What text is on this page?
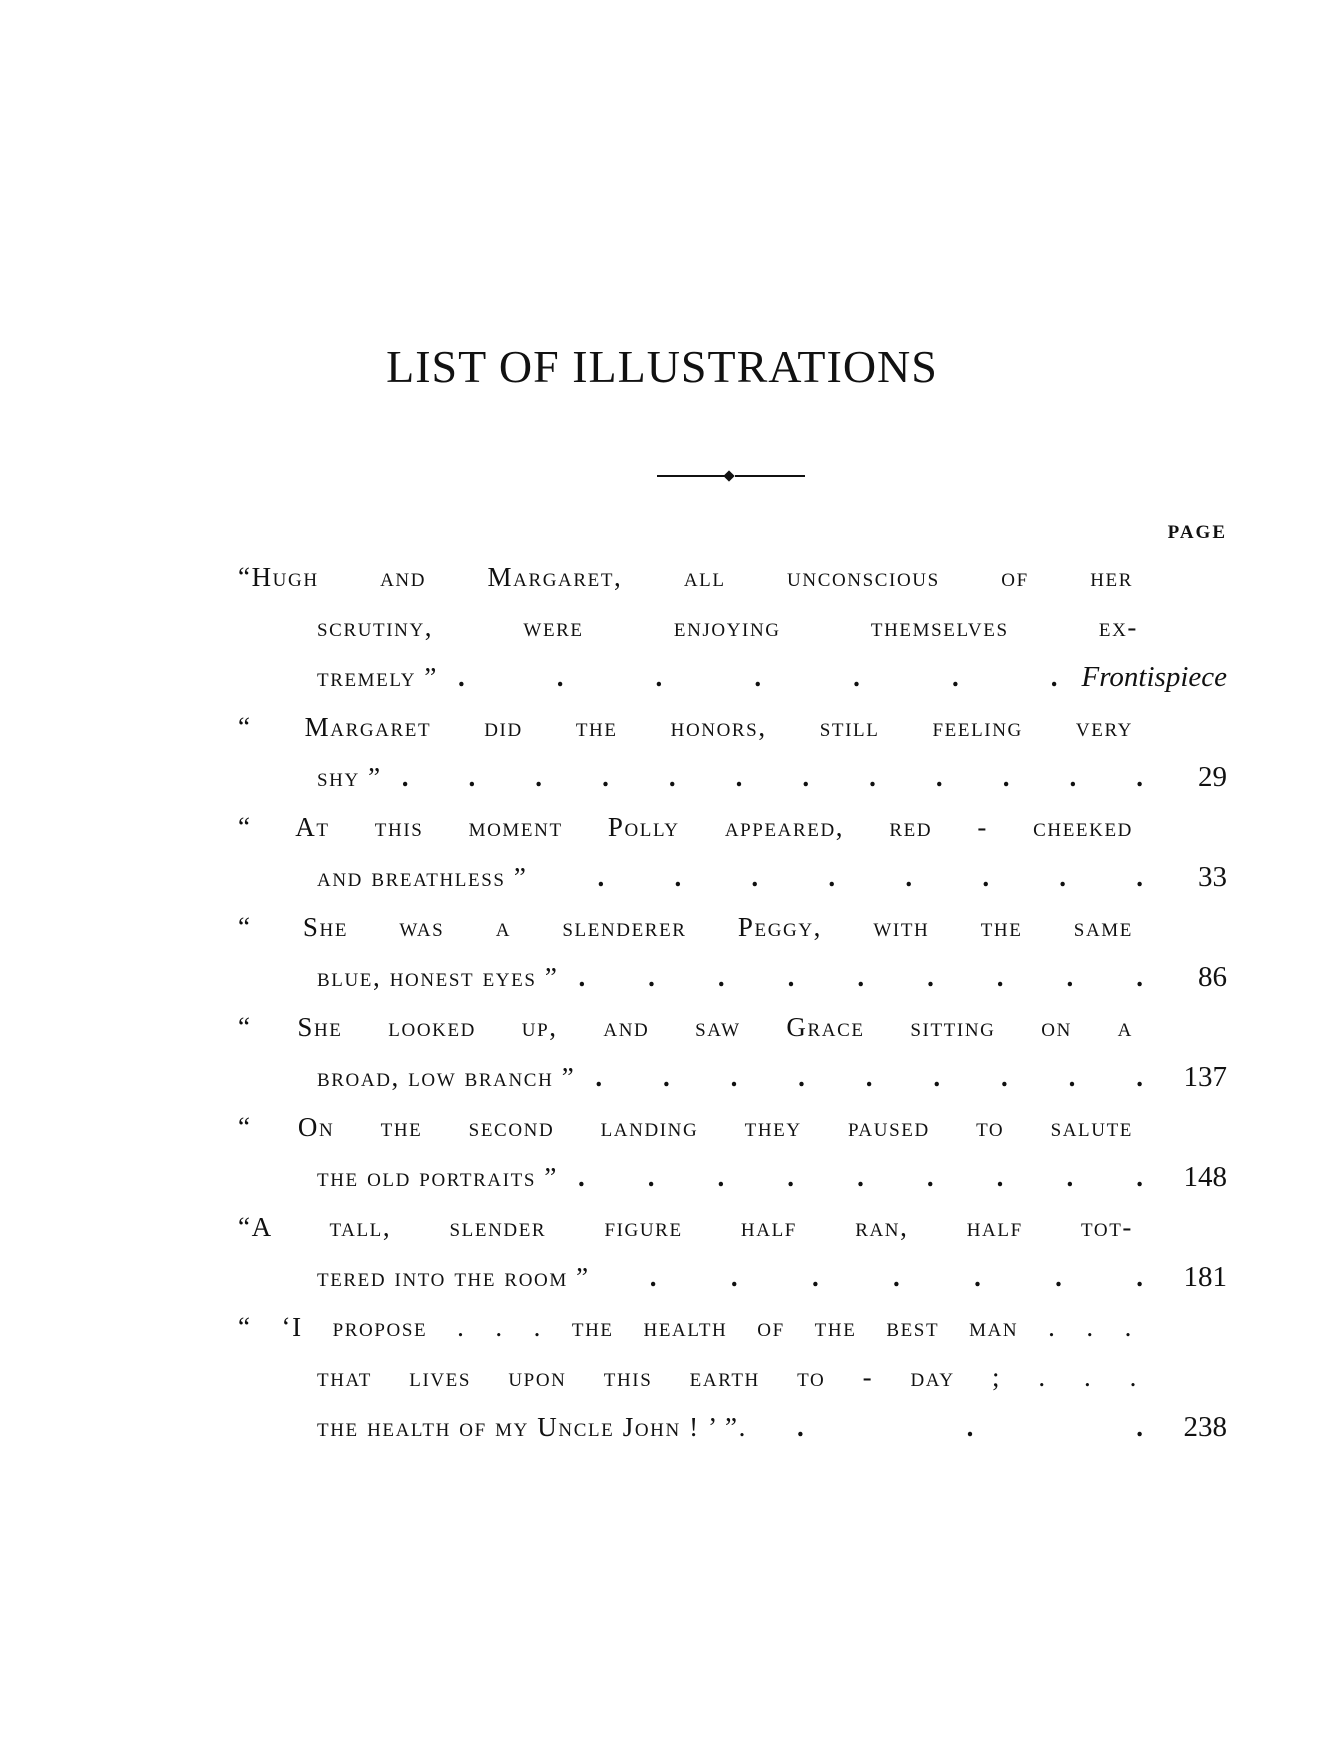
LIST OF ILLUSTRATIONS
PAGE
“Hugh and Margaret, all unconscious of her
scrutiny, were enjoying themselves ex-
tremely ” . . . . . . . Frontispiece
“ Margaret did the honors, still feeling very
shy ” . . . . . . . . . . . .	29
“ At this moment Polly appeared, red - cheeked
and breathless ”	. . . . . . . .	33
“ She was a slenderer Peggy, with the same
blue, honest eyes ” . . . . . . . . .	86
“ She looked up, and saw Grace sitting on a
broad, low branch ” . . . . . . . . .	137
“ On the second landing they paused to salute
the old portraits ” . . . . . . . . .	148
“A tall, slender figure half ran, half tot-
tered into the room ”	. . . . . . .	181
“ ‘I propose . . . the health of the best man . . .
that lives upon this earth to - day ; . . .
the health of my Uncle John ! ’ ”.	. . .	238
